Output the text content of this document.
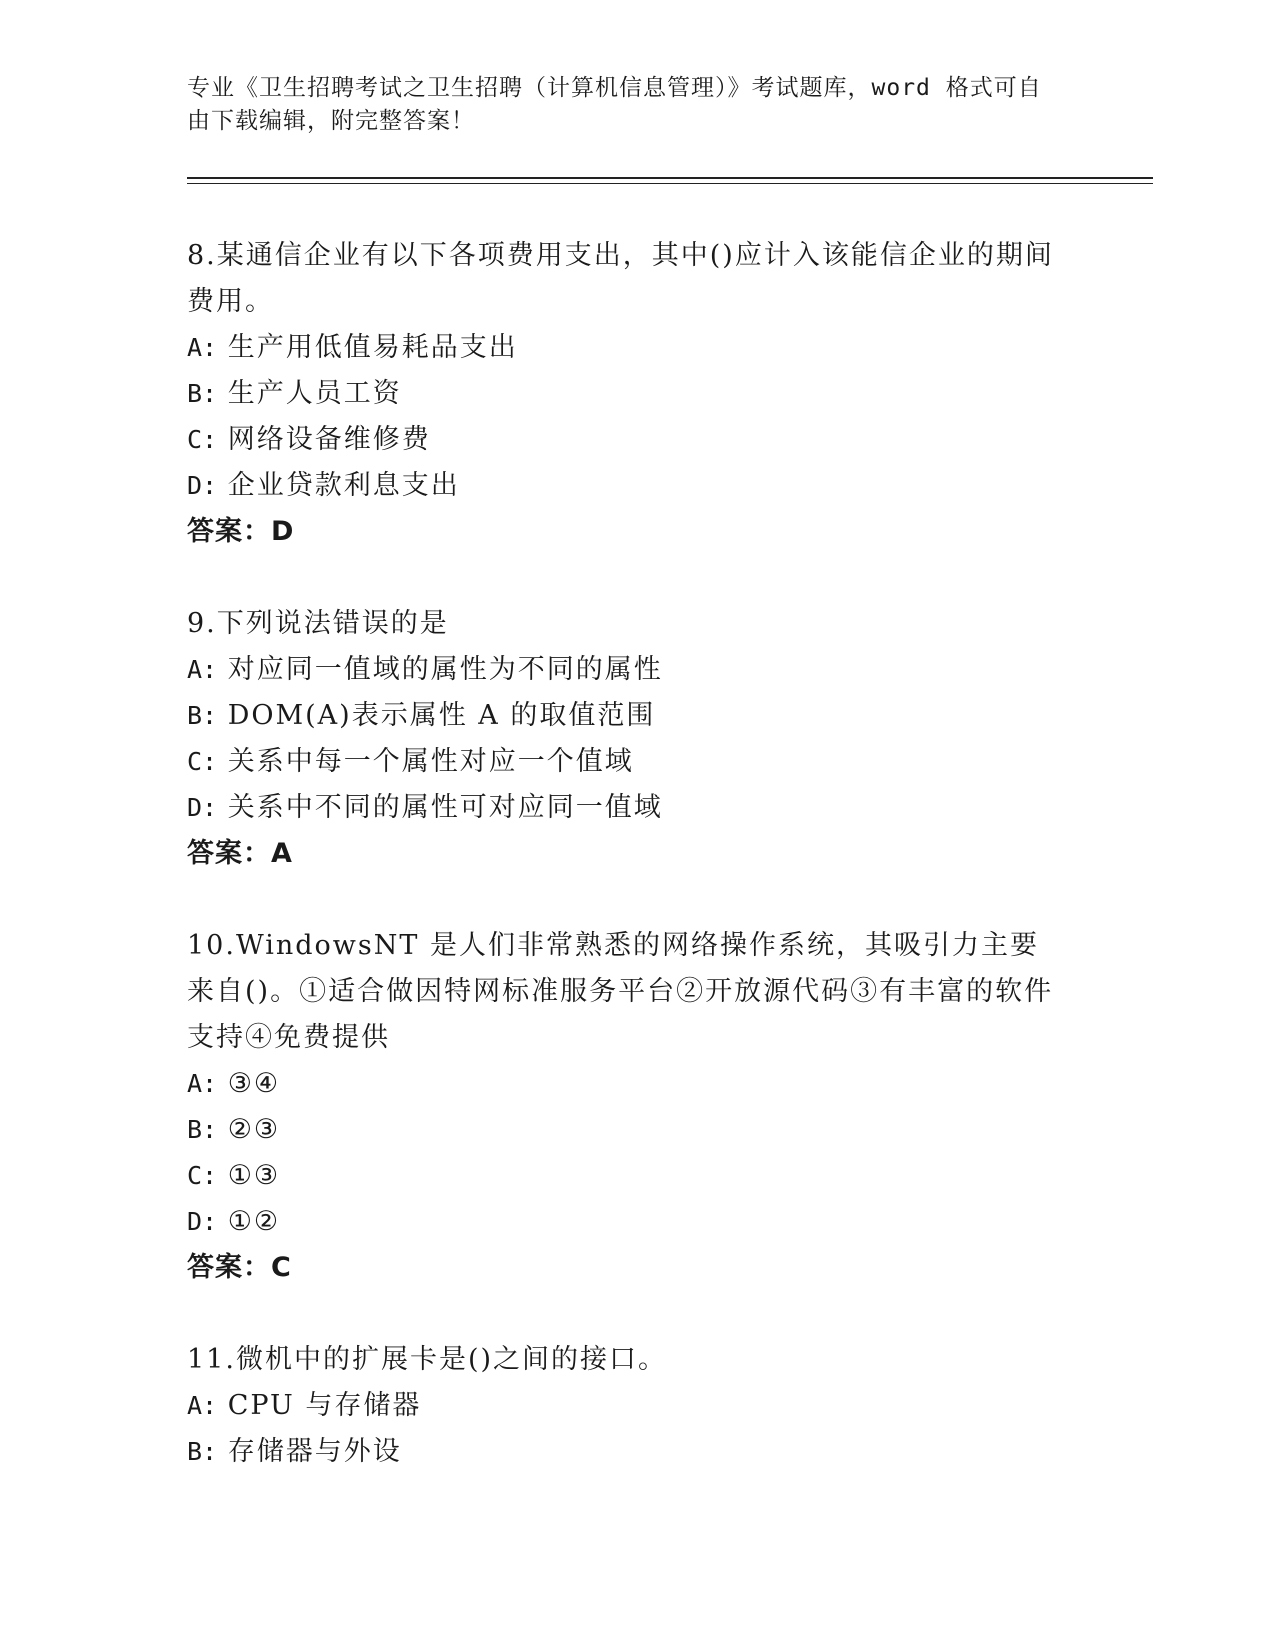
专业《卫生招聘考试之卫生招聘（计算机信息管理）》考试题库，word 格式可自
由下载编辑，附完整答案！

8.某通信企业有以下各项费用支出，其中()应计入该能信企业的期间费用。

A: 生产用低值易耗品支出

B: 生产人员工资

C: 网络设备维修费

D: 企业贷款利息支出

答案：D

9.下列说法错误的是

A: 对应同一值域的属性为不同的属性

B: DOM(A)表示属性 A 的取值范围

C: 关系中每一个属性对应一个值域

D: 关系中不同的属性可对应同一值域

答案：A

10.WindowsNT 是人们非常熟悉的网络操作系统，其吸引力主要来自()。①适合做因特网标准服务平台②开放源代码③有丰富的软件支持④免费提供

A: ③④

B: ②③

C: ①③

D: ①②

答案：C

11.微机中的扩展卡是()之间的接口。

A: CPU 与存储器

B: 存储器与外设
